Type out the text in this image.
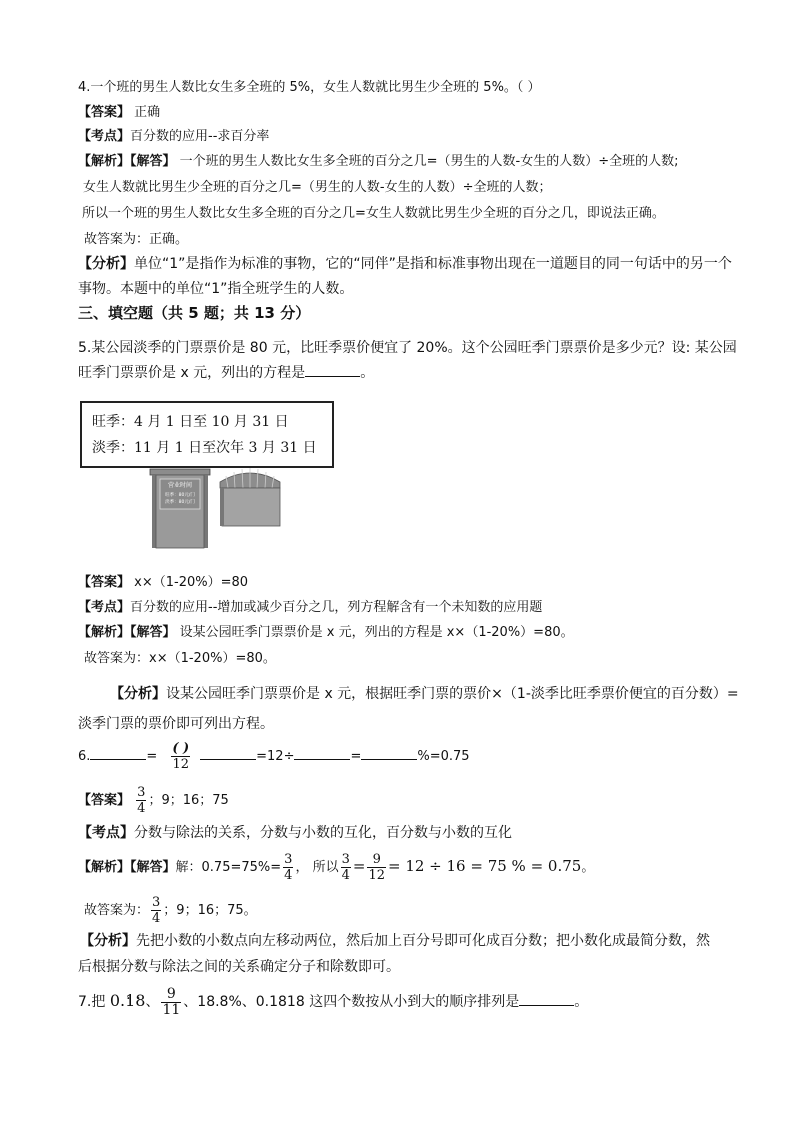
4.一个班的男生人数比女生多全班的 5%，女生人数就比男生少全班的 5%。（ ）
【答案】 正确
【考点】百分数的应用--求百分率
【解析】【解答】 一个班的男生人数比女生多全班的百分之几=（男生的人数-女生的人数）÷全班的人数;
女生人数就比男生少全班的百分之几=（男生的人数-女生的人数）÷全班的人数；
所以一个班的男生人数比女生多全班的百分之几=女生人数就比男生少全班的百分之几，即说法正确。
故答案为：正确。
【分析】单位“1”是指作为标准的事物，它的“同伴”是指和标准事物出现在一道题目的同一句话中的另一个
事物。本题中的单位“1”指全班学生的人数。
三、填空题（共 5 题；共 13 分）
5.某公园淡季的门票票价是 80 元，比旺季票价便宜了 20%。这个公园旺季门票票价是多少元？设: 某公园
旺季门票票价是 x 元，列出的方程是	。
旺季：4 月 1 日至 10 月 31 日
淡季：11 月 1 日至次年 3 月 31 日
营业时间
旺季：80元/门
淡季：80元/门
【答案】 x×（1-20%）=80
【考点】百分数的应用--增加或减少百分之几，列方程解含有一个未知数的应用题
【解析】【解答】 设某公园旺季门票票价是 x 元，列出的方程是 x×（1-20%）=80。
故答案为：x×（1-20%）=80。
【分析】设某公园旺季门票票价是 x 元，根据旺季门票的票价×（1-淡季比旺季票价便宜的百分数）=
淡季门票的票价即可列出方程。
6.	= $\frac{( )}{12}$	=12÷	=	%=0.75
【答案】 $\frac{3}{4}$ ；9；16；75
【考点】分数与除法的关系，分数与小数的互化，百分数与小数的互化
【解析】【解答】解：$0.75=75\%= \frac{3}{4}$ ， 所以 $\frac{3}{4} = \frac{9}{12} = 12 \div 16 = 75$ % = 0.75。
故答案为： $\frac{3}{4}$ ；9；16；75。
【分析】先把小数的小数点向左移动两位，然后加上百分号即可化成百分数；把小数化成最简分数，然
后根据分数与除法之间的关系确定分子和除数即可。
7.把 0.1 ·8 ·、 $\frac{9}{11}$ 、18.8%、0.1818 这四个数按从小到大的顺序排列是	。
